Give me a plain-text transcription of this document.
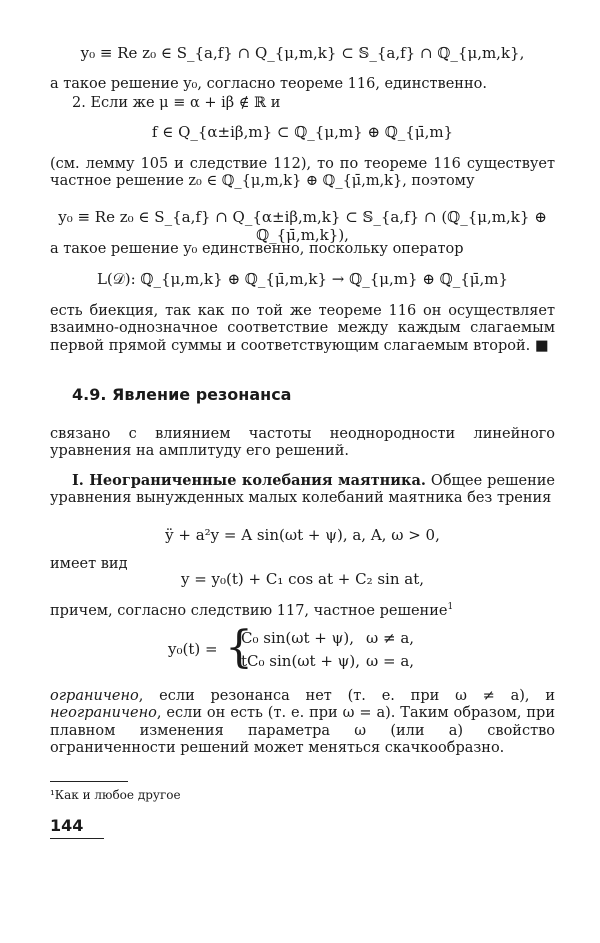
y₀ ≡ Re z₀ ∈ S_{a,f} ∩ Q_{μ,m,k} ⊂ 𝕊_{a,f} ∩ ℚ_{μ,m,k},
а такое решение y₀, согласно теореме 116, единственно.
2. Если же μ ≡ α + iβ ∉ ℝ и
f ∈ Q_{α±iβ,m} ⊂ ℚ_{μ,m} ⊕ ℚ_{μ̄,m}
(см. лемму 105 и следствие 112), то по теореме 116 существует частное решение z₀ ∈ ℚ_{μ,m,k} ⊕ ℚ_{μ̄,m,k}, поэтому
y₀ ≡ Re z₀ ∈ S_{a,f} ∩ Q_{α±iβ,m,k} ⊂ 𝕊_{a,f} ∩ (ℚ_{μ,m,k} ⊕ ℚ_{μ̄,m,k}),
а такое решение y₀ единственно, поскольку оператор
L(𝒟): ℚ_{μ,m,k} ⊕ ℚ_{μ̄,m,k} → ℚ_{μ,m} ⊕ ℚ_{μ̄,m}
есть биекция, так как по той же теореме 116 он осуществляет взаимно-однозначное соответствие между каждым слагаемым первой прямой суммы и соответствующим слагаемым второй. ■
4.9. Явление резонанса
связано с влиянием частоты неоднородности линейного уравнения на амплитуду его решений.
I. Неограниченные колебания маятника. Общее решение уравнения вынужденных малых колебаний маятника без трения
ÿ + a²y = A sin(ωt + ψ), a, A, ω > 0,
имеет вид
y = y₀(t) + C₁ cos at + C₂ sin at,
причем, согласно следствию 117, частное решение$^1$
y₀(t) = {
C₀ sin(ωt + ψ), ω ≠ a,
tC₀ sin(ωt + ψ), ω = a,
ограничено, если резонанса нет (т. е. при ω ≠ a), и неограничено, если он есть (т. е. при ω = a). Таким образом, при плавном изменения параметра ω (или a) свойство ограниченности решений может меняться скачкообразно.
¹Как и любое другое
144
